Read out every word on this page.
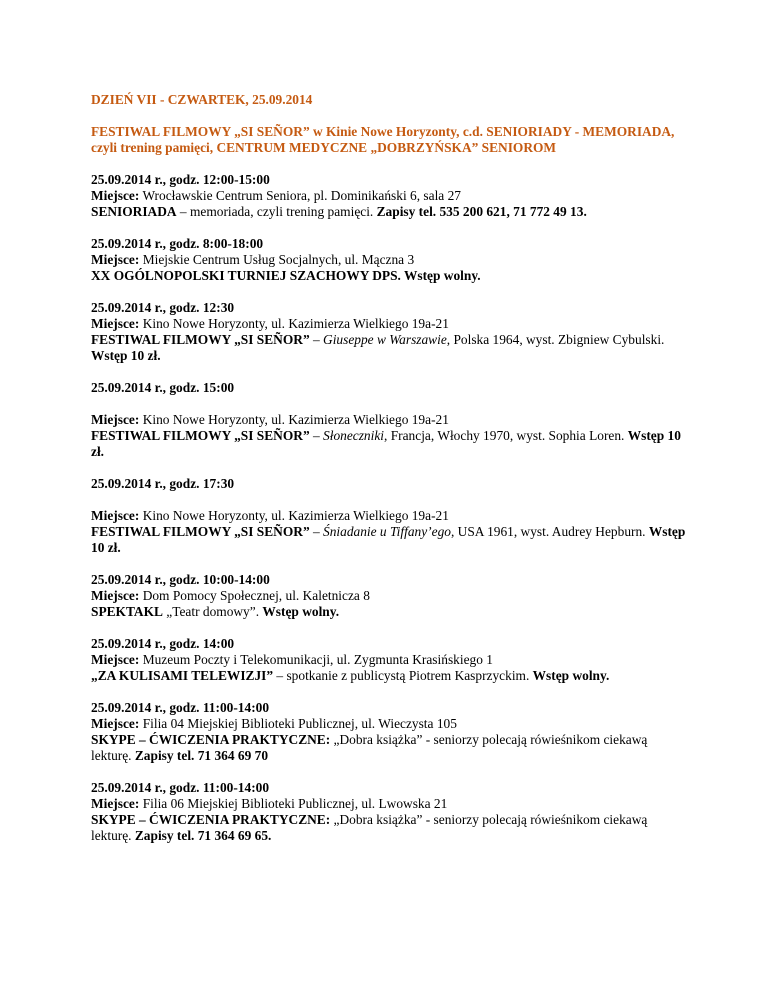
DZIEŃ VII - CZWARTEK, 25.09.2014

FESTIWAL FILMOWY „SI SEÑOR” w Kinie Nowe Horyzonty, c.d. SENIORIADY - MEMORIADA, czyli trening pamięci, CENTRUM MEDYCZNE „DOBRZYŃSKA” SENIOROM

25.09.2014 r., godz. 12:00-15:00

Miejsce: Wrocławskie Centrum Seniora, pl. Dominikański 6, sala 27

SENIORIADA – memoriada, czyli trening pamięci. Zapisy tel. 535 200 621, 71 772 49 13.

25.09.2014 r., godz. 8:00-18:00

Miejsce: Miejskie Centrum Usług Socjalnych, ul. Mączna 3

XX OGÓLNOPOLSKI TURNIEJ SZACHOWY DPS. Wstęp wolny.

25.09.2014 r., godz. 12:30

Miejsce: Kino Nowe Horyzonty, ul. Kazimierza Wielkiego 19a-21

FESTIWAL FILMOWY „SI SEÑOR” – Giuseppe w Warszawie, Polska 1964, wyst. Zbigniew Cybulski. Wstęp 10 zł.

25.09.2014 r., godz. 15:00

Miejsce: Kino Nowe Horyzonty, ul. Kazimierza Wielkiego 19a-21

FESTIWAL FILMOWY „SI SEÑOR” – Słoneczniki, Francja, Włochy 1970, wyst. Sophia Loren. Wstęp 10 zł.

25.09.2014 r., godz. 17:30

Miejsce: Kino Nowe Horyzonty, ul. Kazimierza Wielkiego 19a-21

FESTIWAL FILMOWY „SI SEÑOR” – Śniadanie u Tiffany’ego, USA 1961, wyst. Audrey Hepburn. Wstęp 10 zł.

25.09.2014 r., godz. 10:00-14:00

Miejsce: Dom Pomocy Społecznej, ul. Kaletnicza 8

SPEKTAKL „Teatr domowy”. Wstęp wolny.

25.09.2014 r., godz. 14:00

Miejsce: Muzeum Poczty i Telekomunikacji, ul. Zygmunta Krasińskiego 1

„ZA KULISAMI TELEWIZJI” – spotkanie z publicystą Piotrem Kasprzyckim. Wstęp wolny.

25.09.2014 r., godz. 11:00-14:00

Miejsce: Filia 04 Miejskiej Biblioteki Publicznej, ul. Wieczysta 105

SKYPE – ĆWICZENIA PRAKTYCZNE: „Dobra książka” - seniorzy polecają rówieśnikom ciekawą lekturę. Zapisy tel. 71 364 69 70

25.09.2014 r., godz. 11:00-14:00

Miejsce: Filia 06 Miejskiej Biblioteki Publicznej, ul. Lwowska 21

SKYPE – ĆWICZENIA PRAKTYCZNE: „Dobra książka” - seniorzy polecają rówieśnikom ciekawą lekturę. Zapisy tel. 71 364 69 65.
